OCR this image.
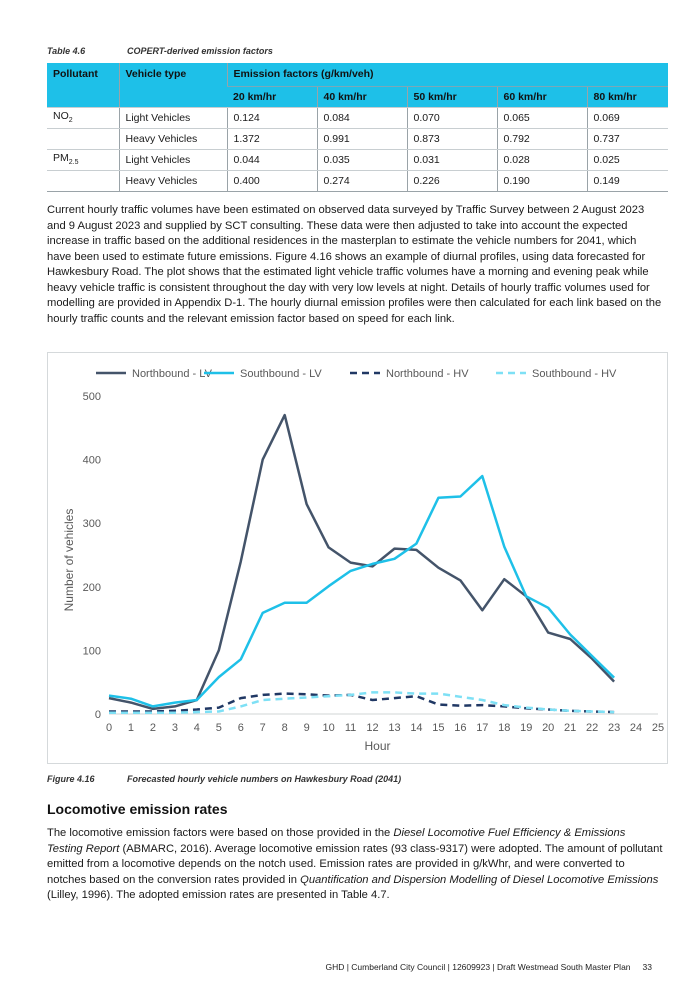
Table 4.6	COPERT-derived emission factors
Pollutant	Vehicle type	Emission factors (g/km/veh)				
		20 km/hr	40 km/hr	50 km/hr	60 km/hr	80 km/hr
$NO_2$	Light Vehicles	0.124	0.084	0.070	0.065	0.069
	Heavy Vehicles	1.372	0.991	0.873	0.792	0.737
$PM_{2.5}$	Light Vehicles	0.044	0.035	0.031	0.028	0.025
	Heavy Vehicles	0.400	0.274	0.226	0.190	0.149

Current hourly traffic volumes have been estimated on observed data surveyed by Traffic Survey between 2 August 2023 and 9 August 2023 and supplied by SCT consulting. These data were then adjusted to take into account the expected increase in traffic based on the additional residences in the masterplan to estimate the vehicle numbers for 2041, which have been used to estimate future emissions. Figure 4.16 shows an example of diurnal profiles, using data forecasted for Hawkesbury Road. The plot shows that the estimated light vehicle traffic volumes have a morning and evening peak while heavy vehicle traffic is consistent throughout the day with very low levels at night. Details of hourly traffic volumes used for modelling are provided in Appendix D-1. The hourly diurnal emission profiles were then calculated for each link based on the hourly traffic counts and the relevant emission factor based on speed for each link.

0
100
200
300
400
500
0 1 2 3 4 5 6 7 8 9 10 11 12 13 14 15 16 17 18 19 20 21 22 23 24 25
Hour
Number of vehicles
Northbound - LV	Southbound - LV	Northbound - HV	Southbound - HV
Figure 4.16	Forecasted hourly vehicle numbers on Hawkesbury Road (2041)
Locomotive emission rates

The locomotive emission factors were based on those provided in the Diesel Locomotive Fuel Efficiency & Emissions Testing Report (ABMARC, 2016). Average locomotive emission rates (93 class-9317) were adopted. The amount of pollutant emitted from a locomotive depends on the notch used. Emission rates are provided in g/kWhr, and were converted to notches based on the conversion rates provided in Quantification and Dispersion Modelling of Diesel Locomotive Emissions (Lilley, 1996). The adopted emission rates are presented in Table 4.7.

GHD | Cumberland City Council | 12609923 | Draft Westmead South Master Plan 33
